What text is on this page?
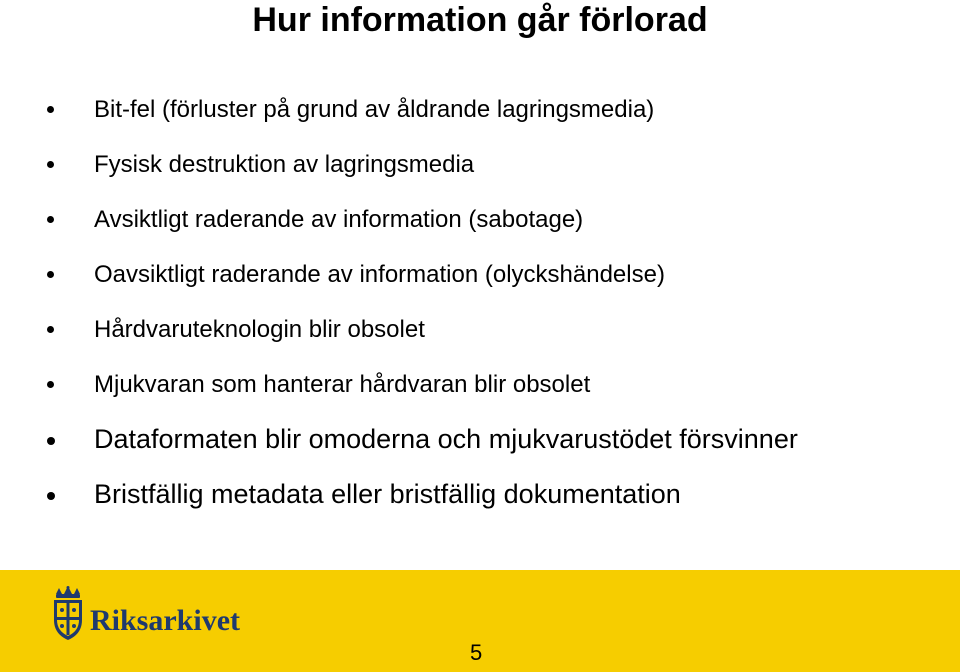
Hur information går förlorad
Bit-fel (förluster på grund av åldrande lagringsmedia)
Fysisk destruktion av lagringsmedia
Avsiktligt raderande av information (sabotage)
Oavsiktligt raderande av information (olyckshändelse)
Hårdvaruteknologin blir obsolet
Mjukvaran som hanterar hårdvaran blir obsolet
Dataformaten blir omoderna och mjukvarustödet försvinner
Bristfällig metadata eller bristfällig dokumentation
Riksarkivet
5
